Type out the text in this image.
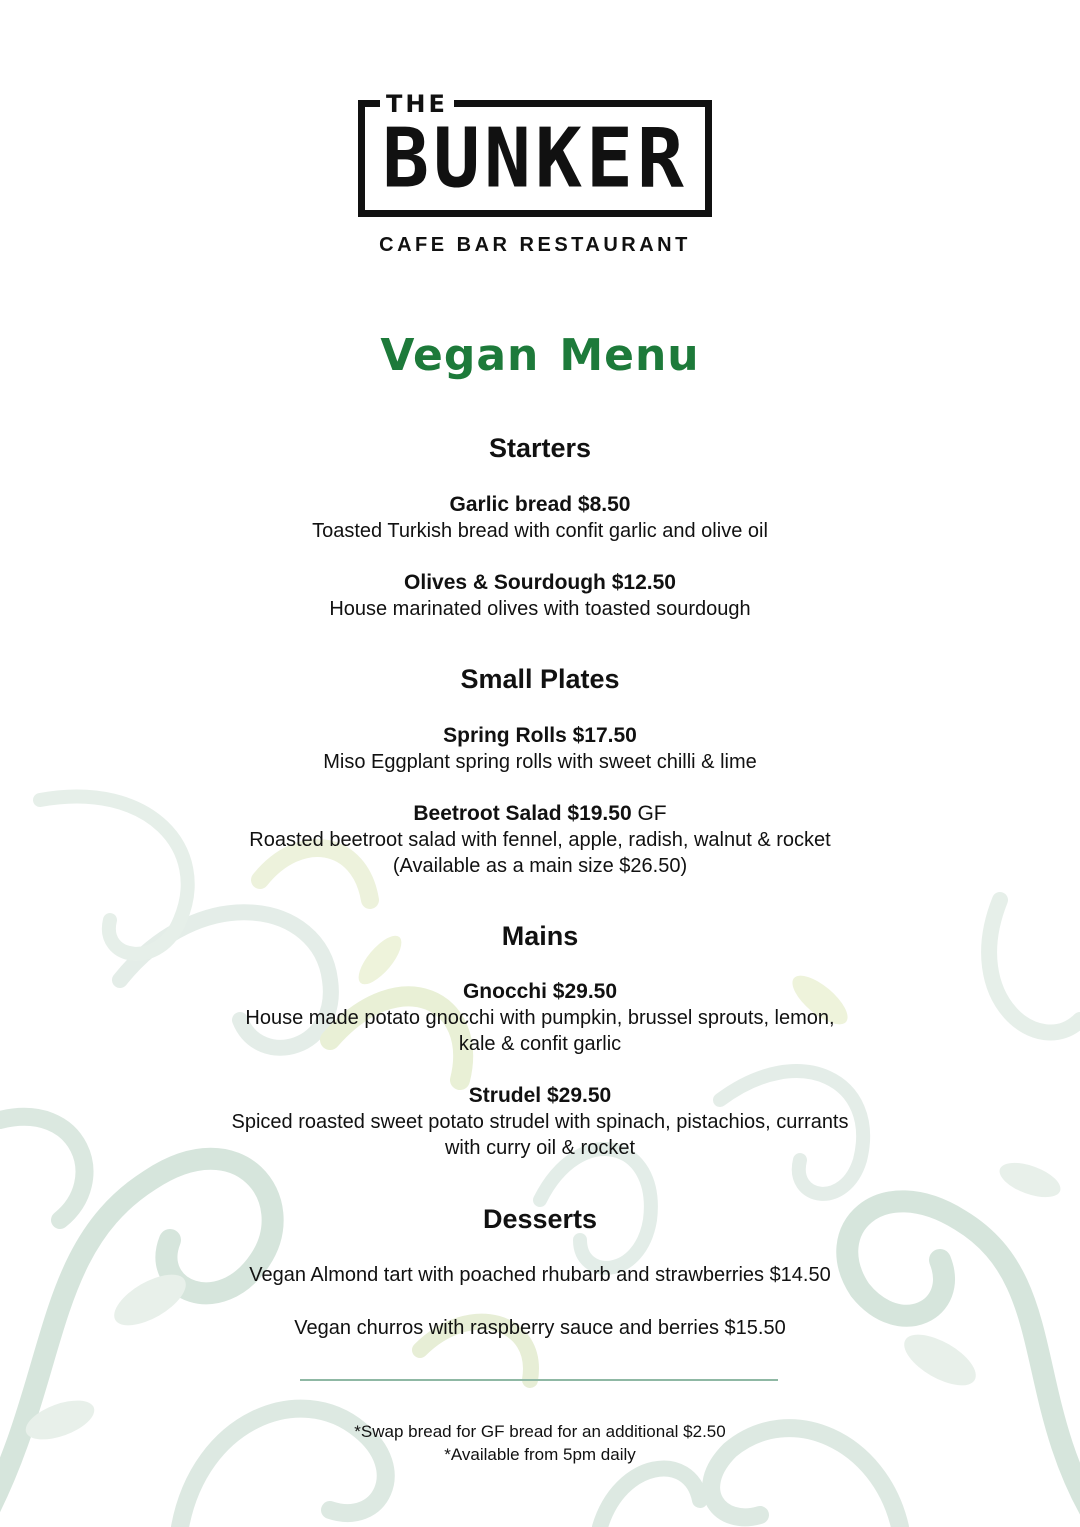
THE
BUNKER
CAFE BAR RESTAURANT
Vegan Menu
Starters
Garlic bread $8.50
Toasted Turkish bread with confit garlic and olive oil
Olives & Sourdough $12.50
House marinated olives with toasted sourdough
Small Plates
Spring Rolls $17.50
Miso Eggplant spring rolls with sweet chilli & lime
Beetroot Salad $19.50 GF
Roasted beetroot salad with fennel, apple, radish, walnut & rocket
(Available as a main size $26.50)
Mains
Gnocchi $29.50
House made potato gnocchi with pumpkin, brussel sprouts, lemon,
kale & confit garlic
Strudel $29.50
Spiced roasted sweet potato strudel with spinach, pistachios, currants
with curry oil & rocket
Desserts
Vegan Almond tart with poached rhubarb and strawberries $14.50
Vegan churros with raspberry sauce and berries $15.50
*Swap bread for GF bread for an additional $2.50
*Available from 5pm daily
